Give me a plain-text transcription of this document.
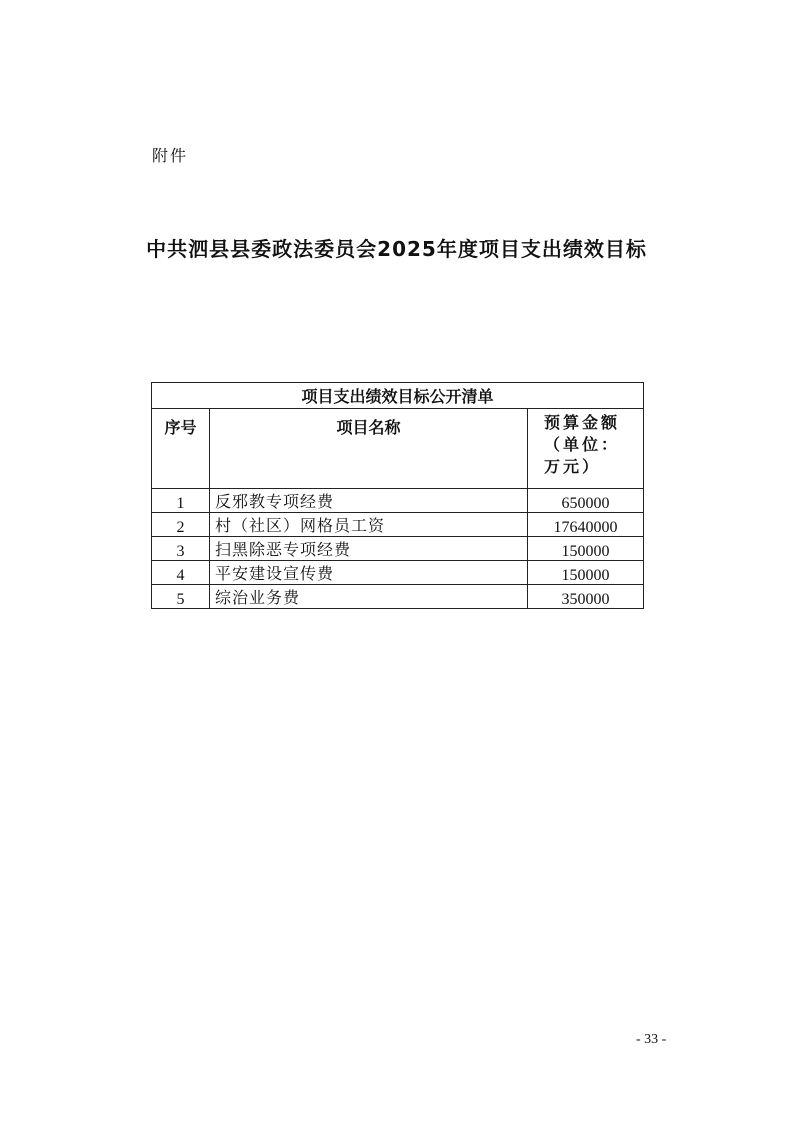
附件
中共泗县县委政法委员会2025年度项目支出绩效目标
项目支出绩效目标公开清单		
序号	项目名称	预算金额
（单位：
万元）

1	反邪教专项经费	650000
2	村（社区）网格员工资	17640000
3	扫黑除恶专项经费	150000
4	平安建设宣传费	150000
5	综治业务费	350000
- 33 -
